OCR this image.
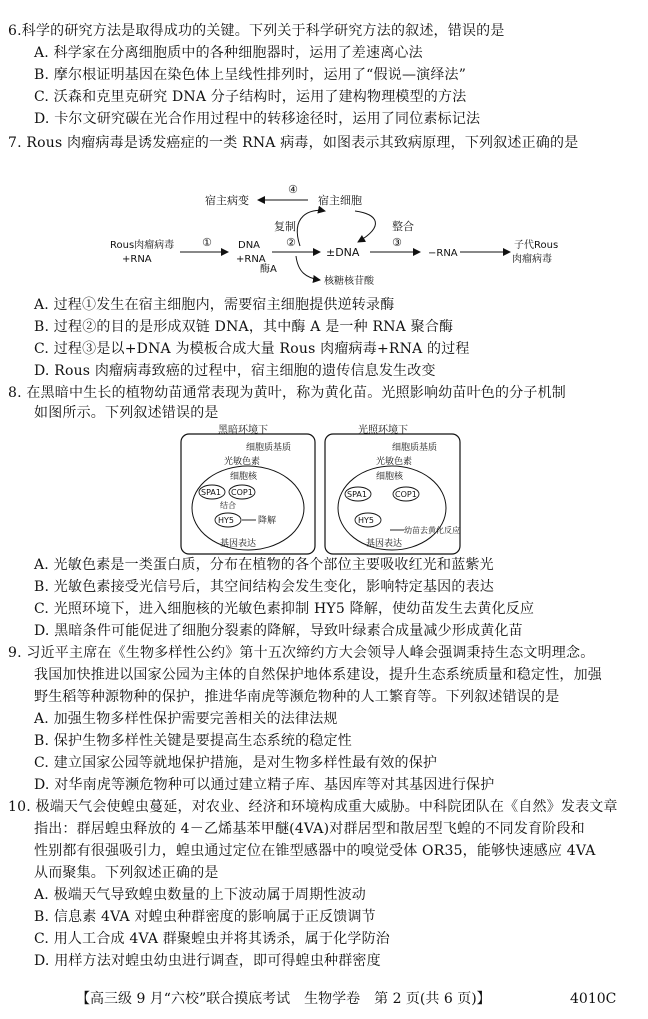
6.科学的研究方法是取得成功的关键。下列关于科学研究方法的叙述，错误的是
A. 科学家在分离细胞质中的各种细胞器时，运用了差速离心法
B. 摩尔根证明基因在染色体上呈线性排列时，运用了“假说—演绎法”
C. 沃森和克里克研究 DNA 分子结构时，运用了建构物理模型的方法
D. 卡尔文研究碳在光合作用过程中的转移途径时，运用了同位素标记法
7. Rous 肉瘤病毒是诱发癌症的一类 RNA 病毒，如图表示其致病原理，下列叙述正确的是
宿主病变
④
宿主细胞
复制	整合
Rous肉瘤病毒
+RNA
①	DNA
+RNA
②
±DNA
③
−RNA
子代Rous
肉瘤病毒
酶A
核糖核苷酸
A. 过程①发生在宿主细胞内，需要宿主细胞提供逆转录酶
B. 过程②的目的是形成双链 DNA，其中酶 A 是一种 RNA 聚合酶
C. 过程③是以+DNA 为模板合成大量 Rous 肉瘤病毒+RNA 的过程
D. Rous 肉瘤病毒致癌的过程中，宿主细胞的遗传信息发生改变
8. 在黑暗中生长的植物幼苗通常表现为黄叶，称为黄化苗。光照影响幼苗叶色的分子机制
如图所示。下列叙述错误的是
黑暗环境下
细胞质基质
光敏色素
细胞核
SPA1 COP1
结合
HY5	降解
基因表达
光照环境下
细胞质基质
光敏色素
细胞核
SPA1	COP1
HY5
幼苗去黄化反应
基因表达
A. 光敏色素是一类蛋白质，分布在植物的各个部位主要吸收红光和蓝紫光
B. 光敏色素接受光信号后，其空间结构会发生变化，影响特定基因的表达
C. 光照环境下，进入细胞核的光敏色素抑制 HY5 降解，使幼苗发生去黄化反应
D. 黑暗条件可能促进了细胞分裂素的降解，导致叶绿素合成量减少形成黄化苗
9. 习近平主席在《生物多样性公约》第十五次缔约方大会领导人峰会强调秉持生态文明理念。
我国加快推进以国家公园为主体的自然保护地体系建设，提升生态系统质量和稳定性，加强
野生稻等种源物种的保护，推进华南虎等濒危物种的人工繁育等。下列叙述错误的是
A. 加强生物多样性保护需要完善相关的法律法规
B. 保护生物多样性关键是要提高生态系统的稳定性
C. 建立国家公园等就地保护措施，是对生物多样性最有效的保护
D. 对华南虎等濒危物种可以通过建立精子库、基因库等对其基因进行保护
10. 极端天气会使蝗虫蔓延，对农业、经济和环境构成重大威胁。中科院团队在《自然》发表文章
指出：群居蝗虫释放的 4－乙烯基苯甲醚(4VA)对群居型和散居型飞蝗的不同发育阶段和
性别都有很强吸引力，蝗虫通过定位在锥型感器中的嗅觉受体 OR35，能够快速感应 4VA
从而聚集。下列叙述正确的是
A. 极端天气导致蝗虫数量的上下波动属于周期性波动
B. 信息素 4VA 对蝗虫种群密度的影响属于正反馈调节
C. 用人工合成 4VA 群聚蝗虫并将其诱杀，属于化学防治
D. 用样方法对蝗虫幼虫进行调查，即可得蝗虫种群密度
【高三级 9 月“六校”联合摸底考试　生物学卷　第 2 页(共 6 页)】	4010C
